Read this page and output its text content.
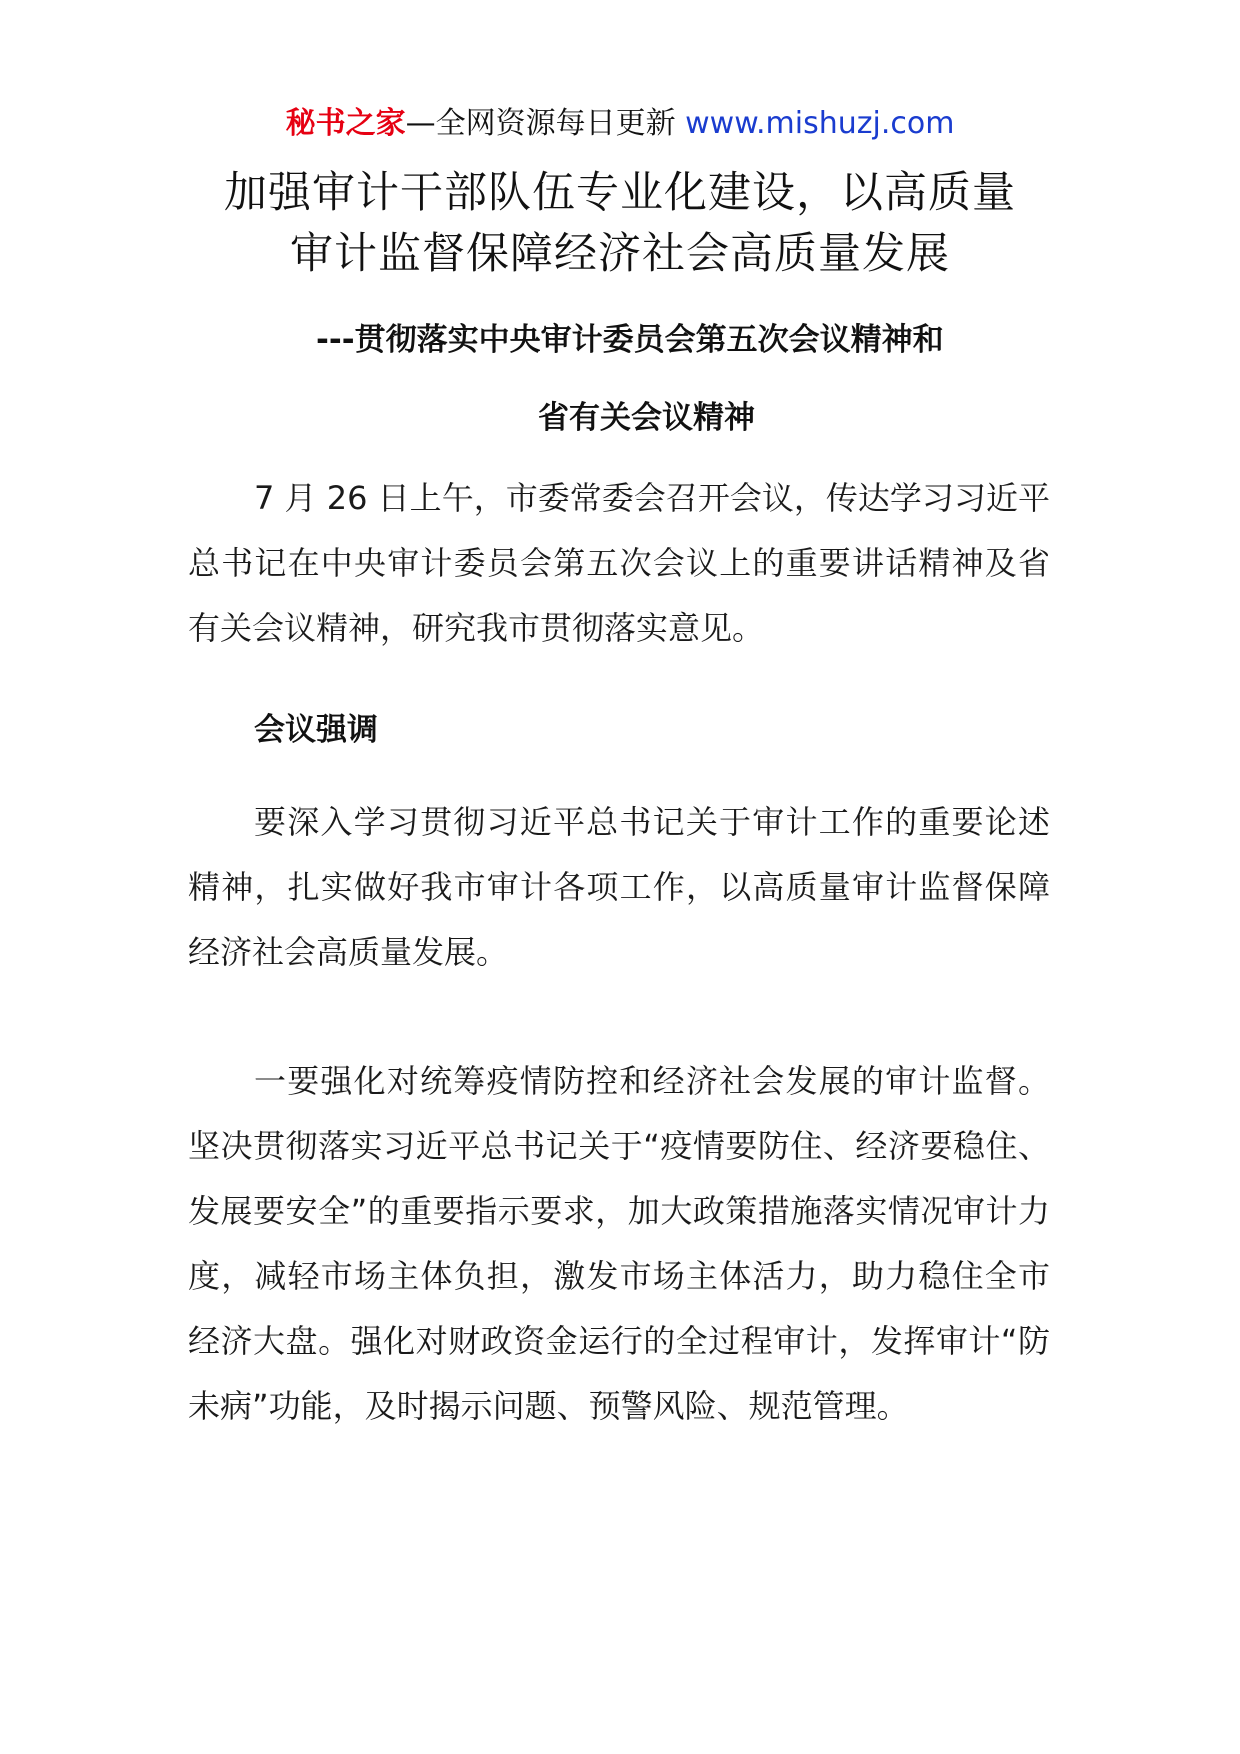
秘书之家—全网资源每日更新 www.mishuzj.com
加强审计干部队伍专业化建设，以高质量
审计监督保障经济社会高质量发展
---贯彻落实中央审计委员会第五次会议精神和
省有关会议精神
7 月 26 日上午，市委常委会召开会议，传达学习习近平总书记在中央审计委员会第五次会议上的重要讲话精神及省有关会议精神，研究我市贯彻落实意见。
会议强调
要深入学习贯彻习近平总书记关于审计工作的重要论述精神，扎实做好我市审计各项工作，以高质量审计监督保障经济社会高质量发展。
一要强化对统筹疫情防控和经济社会发展的审计监督。坚决贯彻落实习近平总书记关于“疫情要防住、经济要稳住、发展要安全”的重要指示要求，加大政策措施落实情况审计力度，减轻市场主体负担，激发市场主体活力，助力稳住全市经济大盘。强化对财政资金运行的全过程审计，发挥审计“防未病”功能，及时揭示问题、预警风险、规范管理。
